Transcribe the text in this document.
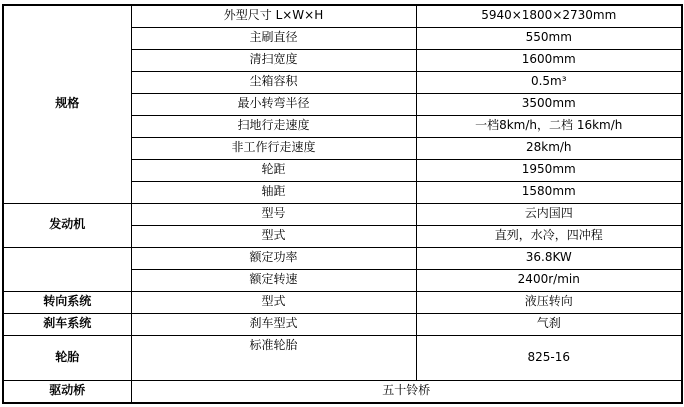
规格	外型尺寸 L×W×H	5940×1800×2730mm
	主刷直径	550mm
	清扫宽度	1600mm
	尘箱容积	0.5m³
	最小转弯半径	3500mm
	扫地行走速度	一档8km/h，二档 16km/h
	非工作行走速度	28km/h
	轮距	1950mm
	轴距	1580mm
发动机	型号	云内国四
	型式	直列，水冷，四冲程
	额定功率	36.8KW
	额定转速	2400r/min
转向系统	型式	液压转向
刹车系统	刹车型式	气刹
轮胎	标准轮胎	825-16
驱动桥	五十铃桥	
